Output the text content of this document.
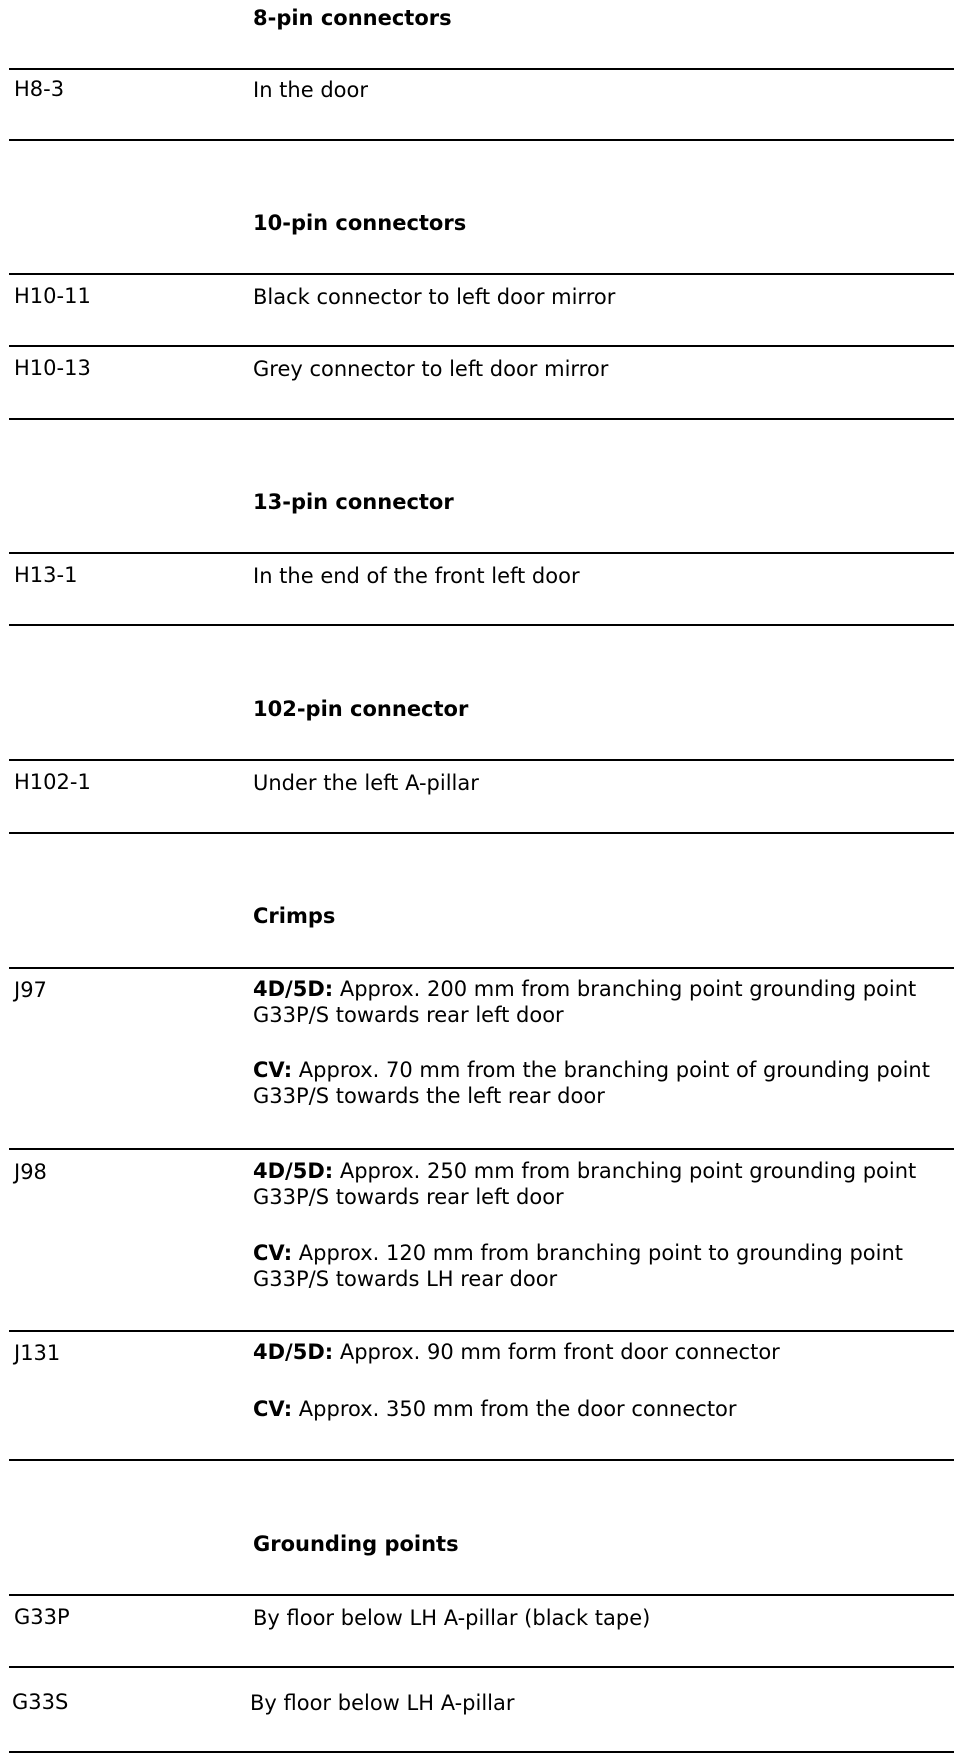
8-pin connectors
H8-3	In the door
10-pin connectors
H10-11	Black connector to left door mirror
H10-13	Grey connector to left door mirror
13-pin connector
H13-1	In the end of the front left door
102-pin connector
H102-1	Under the left A-pillar
Crimps
J97	4D/5D: Approx. 200 mm from branching point grounding point
G33P/S towards rear left door
CV: Approx. 70 mm from the branching point of grounding point
G33P/S towards the left rear door
J98	4D/5D: Approx. 250 mm from branching point grounding point
G33P/S towards rear left door
CV: Approx. 120 mm from branching point to grounding point
G33P/S towards LH rear door
J131	4D/5D: Approx. 90 mm form front door connector
CV: Approx. 350 mm from the door connector
Grounding points
G33P	By floor below LH A-pillar (black tape)
G33S	By floor below LH A-pillar
